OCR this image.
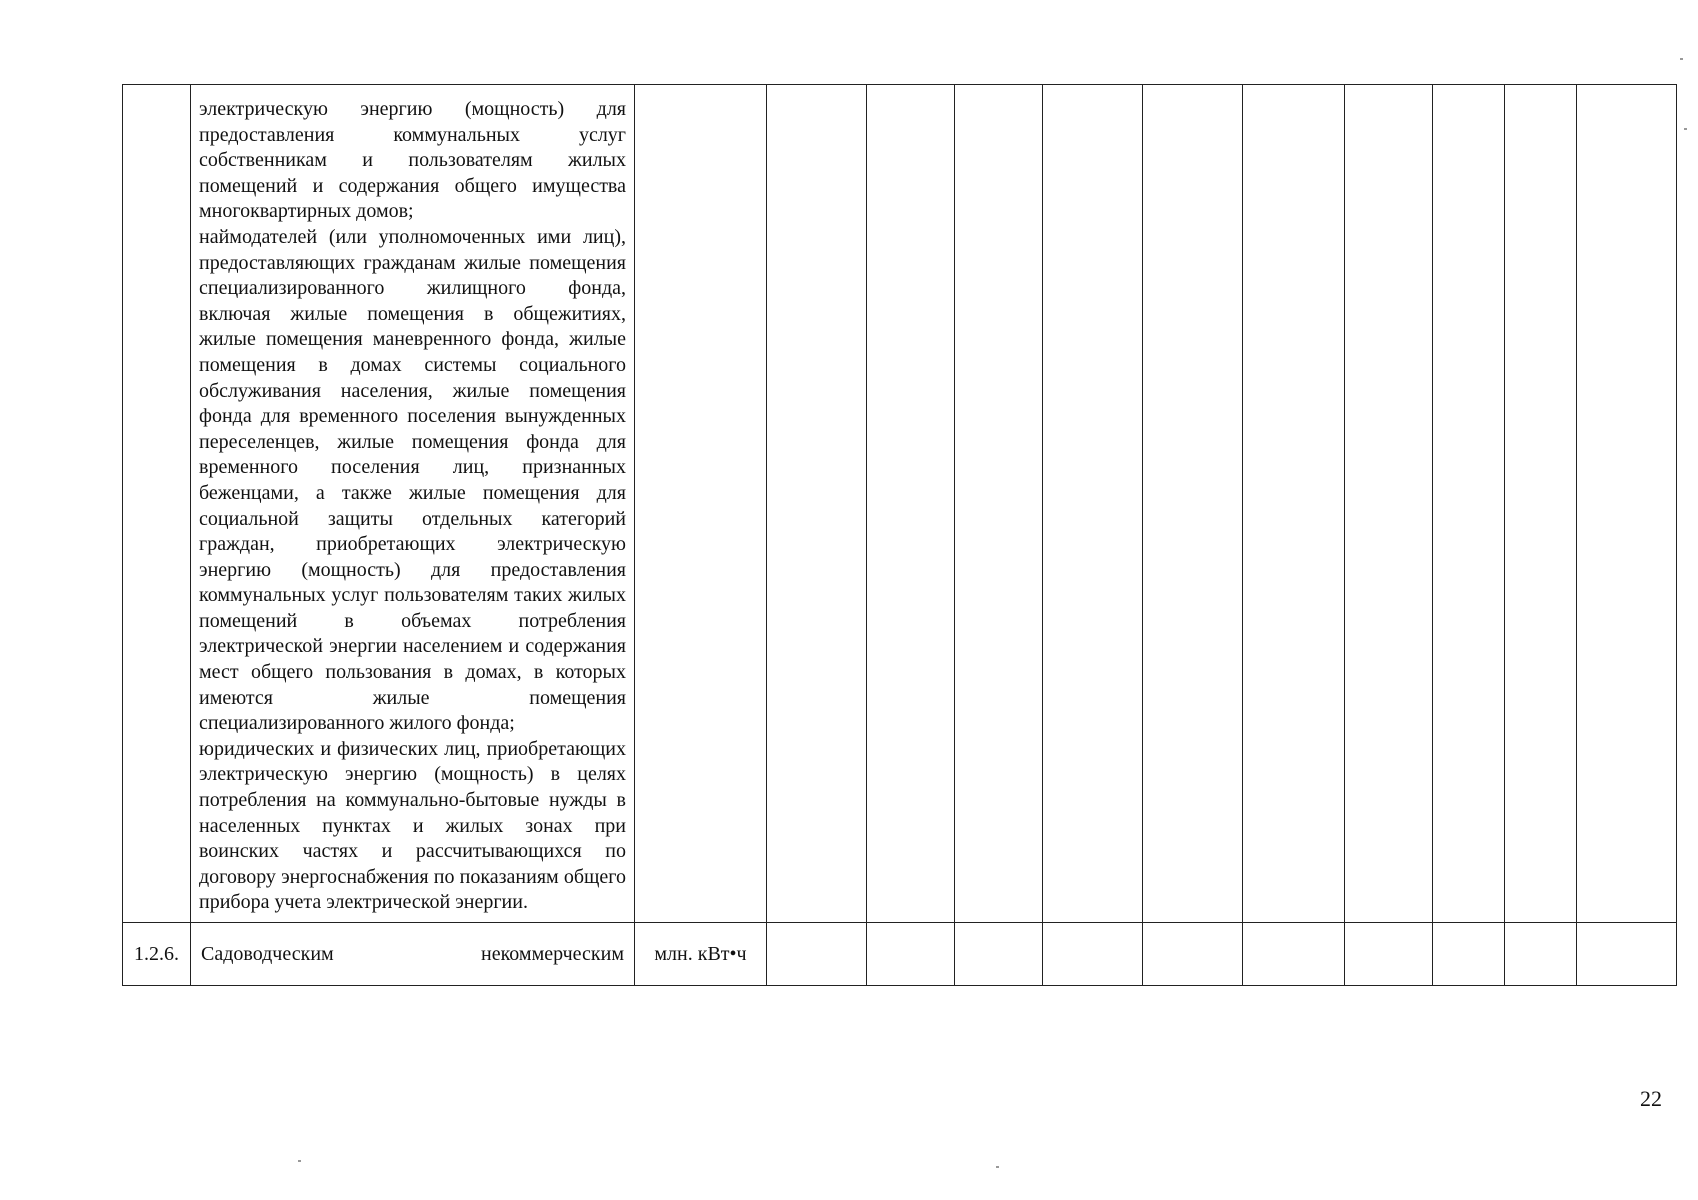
	электрическую энергию (мощность) для предоставления коммунальных услуг собственникам и пользователям жилых помещений и содержания общего имущества многоквартирных домов;

наймодателей (или уполномоченных ими лиц), предоставляющих гражданам жилые помещения специализированного жилищного фонда, включая жилые помещения в общежитиях, жилые помещения маневренного фонда, жилые помещения в домах системы социального обслуживания населения, жилые помещения фонда для временного поселения вынужденных переселенцев, жилые помещения фонда для временного поселения лиц, признанных беженцами, а также жилые помещения для социальной защиты отдельных категорий граждан, приобретающих электрическую энергию (мощность) для предоставления коммунальных услуг пользователям таких жилых помещений в объемах потребления электрической энергии населением и содержания мест общего пользования в домах, в которых имеются жилые помещения специализированного жилого фонда;

юридических и физических лиц, приобретающих электрическую энергию (мощность) в целях потребления на коммунально-бытовые нужды в населенных пунктах и жилых зонах при воинских частях и рассчитывающихся по договору энергоснабжения по показаниям общего прибора учета электрической энергии.											

1.2.6.	Садоводческим некоммерческим	млн. кВт•ч										
22
